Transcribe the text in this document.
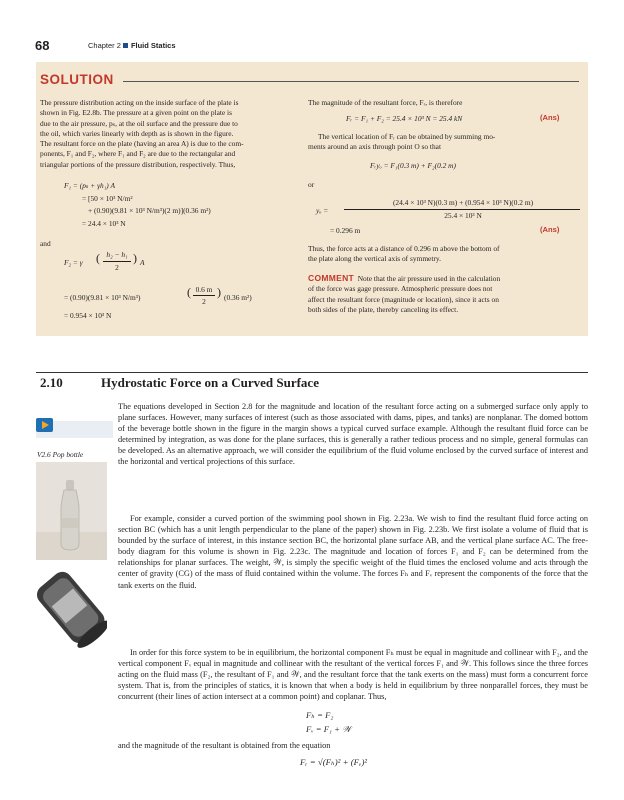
68	Chapter 2 Fluid Statics
SOLUTION
The pressure distribution acting on the inside surface of the plate is
shown in Fig. E2.8b. The pressure at a given point on the plate is
due to the air pressure, pₛ, at the oil surface and the pressure due to
the oil, which varies linearly with depth as is shown in the figure.
The resultant force on the plate (having an area A) is due to the com-
ponents, F₁ and F₂, where F₁ and F₂ are due to the rectangular and
triangular portions of the pressure distribution, respectively. Thus,
F₁ = (pₛ + γh₁) A
= [50 × 10³ N/m²
+ (0.90)(9.81 × 10³ N/m³)(2 m)](0.36 m²)
= 24.4 × 10³ N
and
F₂ = γ ( h₂ − h₁
2
) A
= (0.90)(9.81 × 10³ N/m³)	( 0.6 m
2
) (0.36 m²)
= 0.954 × 10³ N
The magnitude of the resultant force, Fᵣ, is therefore
Fᵣ = F₁ + F₂ = 25.4 × 10³ N = 25.4 kN	(Ans)
The vertical location of Fᵣ can be obtained by summing mo-
ments around an axis through point O so that
Fᵣyₒ = F₁(0.3 m) + F₂(0.2 m)
or
yₒ =
(24.4 × 10³ N)(0.3 m) + (0.954 × 10³ N)(0.2 m)
25.4 × 10³ N
= 0.296 m	(Ans)
Thus, the force acts at a distance of 0.296 m above the bottom of
the plate along the vertical axis of symmetry.
COMMENT Note that the air pressure used in the calculation
of the force was gage pressure. Atmospheric pressure does not
affect the resultant force (magnitude or location), since it acts on
both sides of the plate, thereby canceling its effect.
2.10	Hydrostatic Force on a Curved Surface
V2.6 Pop bottle
The equations developed in Section 2.8 for the magnitude and location of the resultant force acting on a submerged surface only apply to plane surfaces. However, many surfaces of interest (such as those associated with dams, pipes, and tanks) are nonplanar. The domed bottom of the beverage bottle shown in the figure in the margin shows a typical curved surface example. Although the resultant fluid force can be determined by integration, as was done for the plane surfaces, this is generally a rather tedious process and no simple, general formulas can be developed. As an alternative approach, we will consider the equilibrium of the fluid volume enclosed by the curved surface of interest and the horizontal and vertical projections of this surface.
For example, consider a curved portion of the swimming pool shown in Fig. 2.23a. We wish to find the resultant fluid force acting on section BC (which has a unit length perpendicular to the plane of the paper) shown in Fig. 2.23b. We first isolate a volume of fluid that is bounded by the surface of interest, in this instance section BC, the horizontal plane surface AB, and the vertical plane surface AC. The free-body diagram for this volume is shown in Fig. 2.23c. The magnitude and location of forces F₁ and F₂ can be determined from the relationships for planar surfaces. The weight, 𝒲, is simply the specific weight of the fluid times the enclosed volume and acts through the center of gravity (CG) of the mass of fluid contained within the volume. The forces Fₕ and Fᵥ represent the components of the force that the tank exerts on the fluid.
In order for this force system to be in equilibrium, the horizontal component Fₕ must be equal in magnitude and collinear with F₂, and the vertical component Fᵥ equal in magnitude and collinear with the resultant of the vertical forces F₁ and 𝒲. This follows since the three forces acting on the fluid mass (F₂, the resultant of F₁ and 𝒲, and the resultant force that the tank exerts on the mass) must form a concurrent force system. That is, from the principles of statics, it is known that when a body is held in equilibrium by three nonparallel forces, they must be concurrent (their lines of action intersect at a common point) and coplanar. Thus,
Fₕ = F₂
Fᵥ = F₁ + 𝒲
and the magnitude of the resultant is obtained from the equation
Fᵣ = √(Fₕ)² + (Fᵥ)²
